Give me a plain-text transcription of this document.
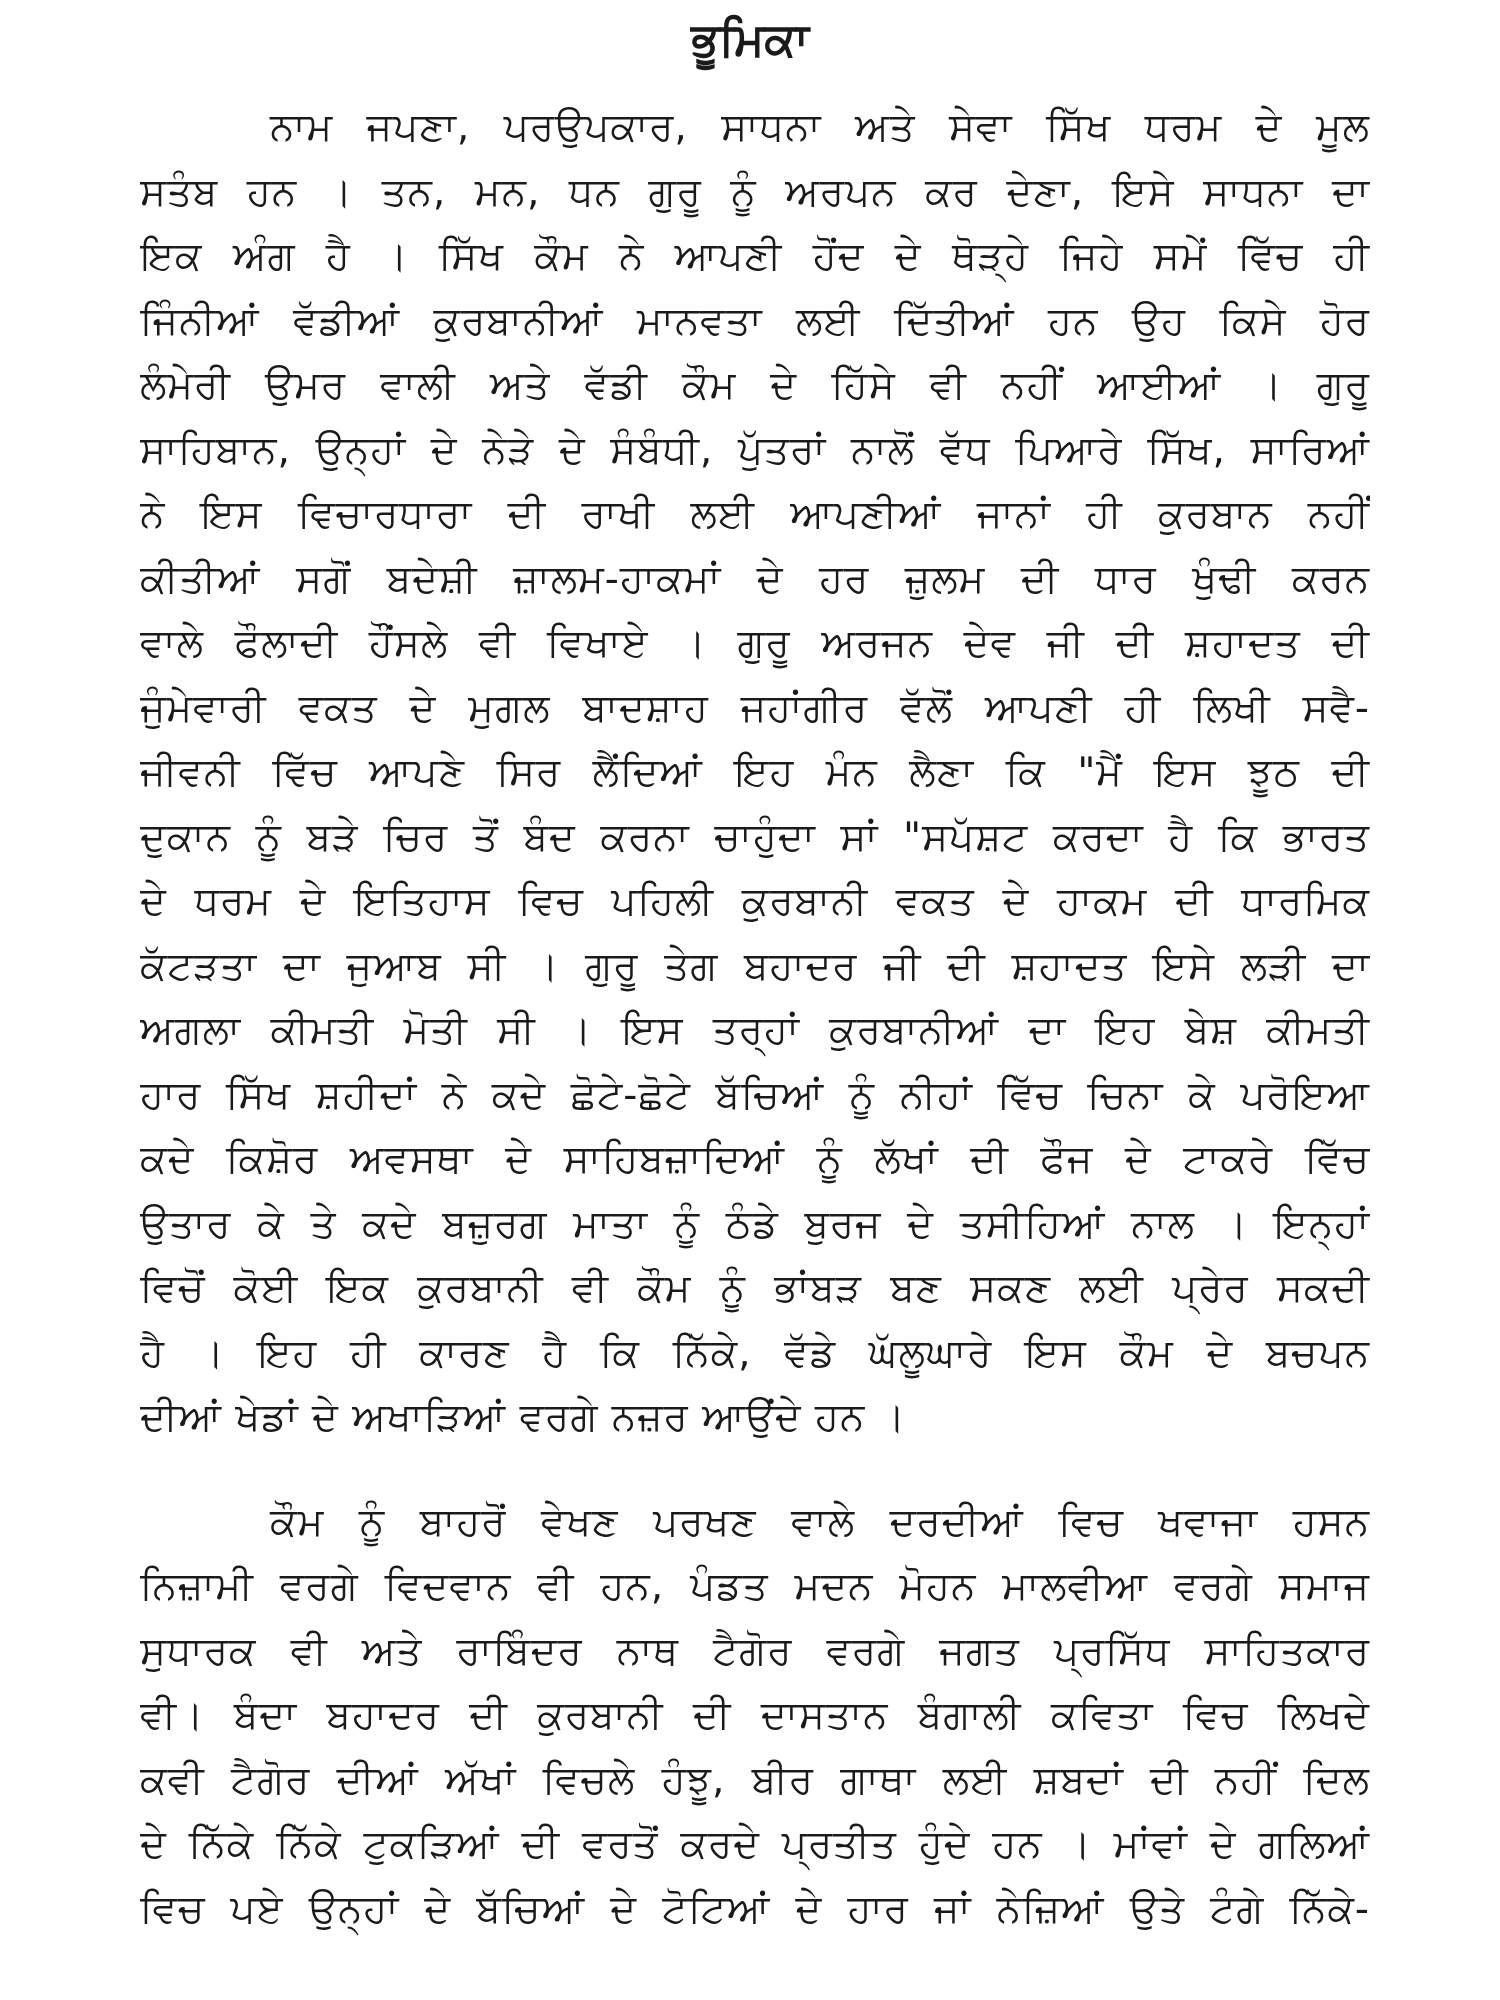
ਭੂਮਿਕਾ
ਨਾਮ ਜਪਣਾ, ਪਰਉਪਕਾਰ, ਸਾਧਨਾ ਅਤੇ ਸੇਵਾ ਸਿੱਖ ਧਰਮ ਦੇ ਮੂਲ
ਸਤੰਬ ਹਨ । ਤਨ, ਮਨ, ਧਨ ਗੁਰੂ ਨੂੰ ਅਰਪਨ ਕਰ ਦੇਣਾ, ਇਸੇ ਸਾਧਨਾ ਦਾ
ਇਕ ਅੰਗ ਹੈ । ਸਿੱਖ ਕੌਮ ਨੇ ਆਪਣੀ ਹੋਂਦ ਦੇ ਥੋੜ੍ਹੇ ਜਿਹੇ ਸਮੇਂ ਵਿੱਚ ਹੀ
ਜਿੰਨੀਆਂ ਵੱਡੀਆਂ ਕੁਰਬਾਨੀਆਂ ਮਾਨਵਤਾ ਲਈ ਦਿੱਤੀਆਂ ਹਨ ਉਹ ਕਿਸੇ ਹੋਰ
ਲੰਮੇਰੀ ਉਮਰ ਵਾਲੀ ਅਤੇ ਵੱਡੀ ਕੌਮ ਦੇ ਹਿੱਸੇ ਵੀ ਨਹੀਂ ਆਈਆਂ । ਗੁਰੂ
ਸਾਹਿਬਾਨ, ਉਨ੍ਹਾਂ ਦੇ ਨੇੜੇ ਦੇ ਸੰਬੰਧੀ, ਪੁੱਤਰਾਂ ਨਾਲੋਂ ਵੱਧ ਪਿਆਰੇ ਸਿੱਖ, ਸਾਰਿਆਂ
ਨੇ ਇਸ ਵਿਚਾਰਧਾਰਾ ਦੀ ਰਾਖੀ ਲਈ ਆਪਣੀਆਂ ਜਾਨਾਂ ਹੀ ਕੁਰਬਾਨ ਨਹੀਂ
ਕੀਤੀਆਂ ਸਗੋਂ ਬਦੇਸ਼ੀ ਜ਼ਾਲਮ-ਹਾਕਮਾਂ ਦੇ ਹਰ ਜ਼ੁਲਮ ਦੀ ਧਾਰ ਖੁੰਢੀ ਕਰਨ
ਵਾਲੇ ਫੌਲਾਦੀ ਹੌਂਸਲੇ ਵੀ ਵਿਖਾਏ । ਗੁਰੂ ਅਰਜਨ ਦੇਵ ਜੀ ਦੀ ਸ਼ਹਾਦਤ ਦੀ
ਜੁੰਮੇਵਾਰੀ ਵਕਤ ਦੇ ਮੁਗਲ ਬਾਦਸ਼ਾਹ ਜਹਾਂਗੀਰ ਵੱਲੋਂ ਆਪਣੀ ਹੀ ਲਿਖੀ ਸਵੈ-
ਜੀਵਨੀ ਵਿੱਚ ਆਪਣੇ ਸਿਰ ਲੈਂਦਿਆਂ ਇਹ ਮੰਨ ਲੈਣਾ ਕਿ "ਮੈਂ ਇਸ ਝੂਠ ਦੀ
ਦੁਕਾਨ ਨੂੰ ਬੜੇ ਚਿਰ ਤੋਂ ਬੰਦ ਕਰਨਾ ਚਾਹੁੰਦਾ ਸਾਂ "ਸਪੱਸ਼ਟ ਕਰਦਾ ਹੈ ਕਿ ਭਾਰਤ
ਦੇ ਧਰਮ ਦੇ ਇਤਿਹਾਸ ਵਿਚ ਪਹਿਲੀ ਕੁਰਬਾਨੀ ਵਕਤ ਦੇ ਹਾਕਮ ਦੀ ਧਾਰਮਿਕ
ਕੱਟੜਤਾ ਦਾ ਜੁਆਬ ਸੀ । ਗੁਰੂ ਤੇਗ ਬਹਾਦਰ ਜੀ ਦੀ ਸ਼ਹਾਦਤ ਇਸੇ ਲੜੀ ਦਾ
ਅਗਲਾ ਕੀਮਤੀ ਮੋਤੀ ਸੀ । ਇਸ ਤਰ੍ਹਾਂ ਕੁਰਬਾਨੀਆਂ ਦਾ ਇਹ ਬੇਸ਼ ਕੀਮਤੀ
ਹਾਰ ਸਿੱਖ ਸ਼ਹੀਦਾਂ ਨੇ ਕਦੇ ਛੋਟੇ-ਛੋਟੇ ਬੱਚਿਆਂ ਨੂੰ ਨੀਹਾਂ ਵਿੱਚ ਚਿਨਾ ਕੇ ਪਰੋਇਆ
ਕਦੇ ਕਿਸ਼ੋਰ ਅਵਸਥਾ ਦੇ ਸਾਹਿਬਜ਼ਾਦਿਆਂ ਨੂੰ ਲੱਖਾਂ ਦੀ ਫੌਜ ਦੇ ਟਾਕਰੇ ਵਿੱਚ
ਉਤਾਰ ਕੇ ਤੇ ਕਦੇ ਬਜ਼ੁਰਗ ਮਾਤਾ ਨੂੰ ਠੰਡੇ ਬੁਰਜ ਦੇ ਤਸੀਹਿਆਂ ਨਾਲ । ਇਨ੍ਹਾਂ
ਵਿਚੋਂ ਕੋਈ ਇਕ ਕੁਰਬਾਨੀ ਵੀ ਕੌਮ ਨੂੰ ਭਾਂਬੜ ਬਣ ਸਕਣ ਲਈ ਪ੍ਰੇਰ ਸਕਦੀ
ਹੈ । ਇਹ ਹੀ ਕਾਰਣ ਹੈ ਕਿ ਨਿੱਕੇ, ਵੱਡੇ ਘੱਲੂਘਾਰੇ ਇਸ ਕੌਮ ਦੇ ਬਚਪਨ
ਦੀਆਂ ਖੇਡਾਂ ਦੇ ਅਖਾੜਿਆਂ ਵਰਗੇ ਨਜ਼ਰ ਆਉਂਦੇ ਹਨ ।
ਕੌਮ ਨੂੰ ਬਾਹਰੋਂ ਵੇਖਣ ਪਰਖਣ ਵਾਲੇ ਦਰਦੀਆਂ ਵਿਚ ਖਵਾਜਾ ਹਸਨ
ਨਿਜ਼ਾਮੀ ਵਰਗੇ ਵਿਦਵਾਨ ਵੀ ਹਨ, ਪੰਡਤ ਮਦਨ ਮੋਹਨ ਮਾਲਵੀਆ ਵਰਗੇ ਸਮਾਜ
ਸੁਧਾਰਕ ਵੀ ਅਤੇ ਰਾਬਿੰਦਰ ਨਾਥ ਟੈਗੋਰ ਵਰਗੇ ਜਗਤ ਪ੍ਰਸਿੱਧ ਸਾਹਿਤਕਾਰ
ਵੀ। ਬੰਦਾ ਬਹਾਦਰ ਦੀ ਕੁਰਬਾਨੀ ਦੀ ਦਾਸਤਾਨ ਬੰਗਾਲੀ ਕਵਿਤਾ ਵਿਚ ਲਿਖਦੇ
ਕਵੀ ਟੈਗੋਰ ਦੀਆਂ ਅੱਖਾਂ ਵਿਚਲੇ ਹੰਝੂ, ਬੀਰ ਗਾਥਾ ਲਈ ਸ਼ਬਦਾਂ ਦੀ ਨਹੀਂ ਦਿਲ
ਦੇ ਨਿੱਕੇ ਨਿੱਕੇ ਟੁਕੜਿਆਂ ਦੀ ਵਰਤੋਂ ਕਰਦੇ ਪ੍ਰਤੀਤ ਹੁੰਦੇ ਹਨ । ਮਾਂਵਾਂ ਦੇ ਗਲਿਆਂ
ਵਿਚ ਪਏ ਉਨ੍ਹਾਂ ਦੇ ਬੱਚਿਆਂ ਦੇ ਟੋਟਿਆਂ ਦੇ ਹਾਰ ਜਾਂ ਨੇਜ਼ਿਆਂ ਉਤੇ ਟੰਗੇ ਨਿੱਕੇ-
